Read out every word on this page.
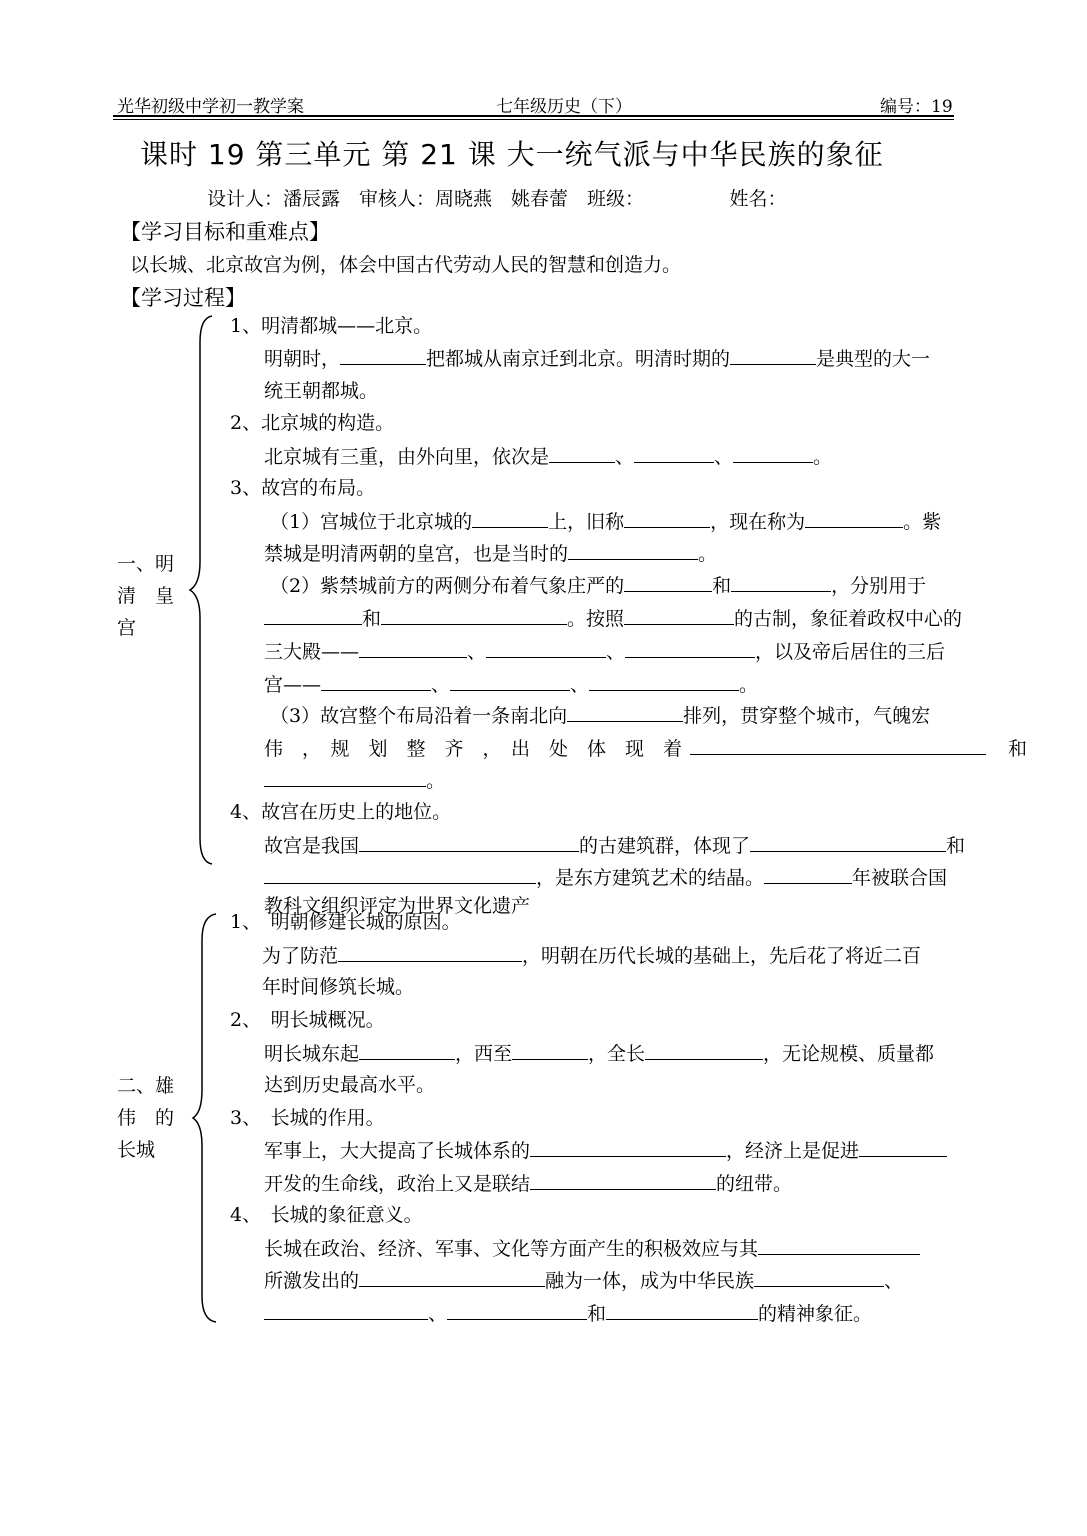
光华初级中学初一教学案	七年级历史（下）	编号：19
课时 19 第三单元 第 21 课 大一统气派与中华民族的象征
设计人：潘辰露　审核人：周晓燕　姚春蕾　班级：　　　　　姓名：
【学习目标和重难点】
以长城、北京故宫为例，体会中国古代劳动人民的智慧和创造力。
【学习过程】
一、明
清　皇
宫
1、明清都城——北京。
明朝时，	把都城从南京迁到北京。明清时期的	是典型的大一
统王朝都城。
2、北京城的构造。
北京城有三重，由外向里，依次是	、	、	。
3、故宫的布局。
（1）宫城位于北京城的	上，旧称	，现在称为	。紫
禁城是明清两朝的皇宫，也是当时的	。
（2）紫禁城前方的两侧分布着气象庄严的	和	，分别用于
和	。按照	的古制，象征着政权中心的
三大殿——	、	、	，以及帝后居住的三后
宫——	、	、	。
（3）故宫整个布局沿着一条南北向	排列，贯穿整个城市，气魄宏
伟　，　规　划　整　齐　，　出　处　体　现　着	和
。
4、故宫在历史上的地位。
故宫是我国	的古建筑群，体现了	和
，是东方建筑艺术的结晶。	年被联合国
教科文组织评定为世界文化遗产
二、雄
伟　的
长城
1、　明朝修建长城的原因。
为了防范	，明朝在历代长城的基础上，先后花了将近二百
年时间修筑长城。
2、　明长城概况。
明长城东起	，西至	，全长	，无论规模、质量都
达到历史最高水平。
3、　长城的作用。
军事上，大大提高了长城体系的	，经济上是促进
开发的生命线，政治上又是联结	的纽带。
4、　长城的象征意义。
长城在政治、经济、军事、文化等方面产生的积极效应与其
所激发出的	融为一体，成为中华民族	、
、	和	的精神象征。
